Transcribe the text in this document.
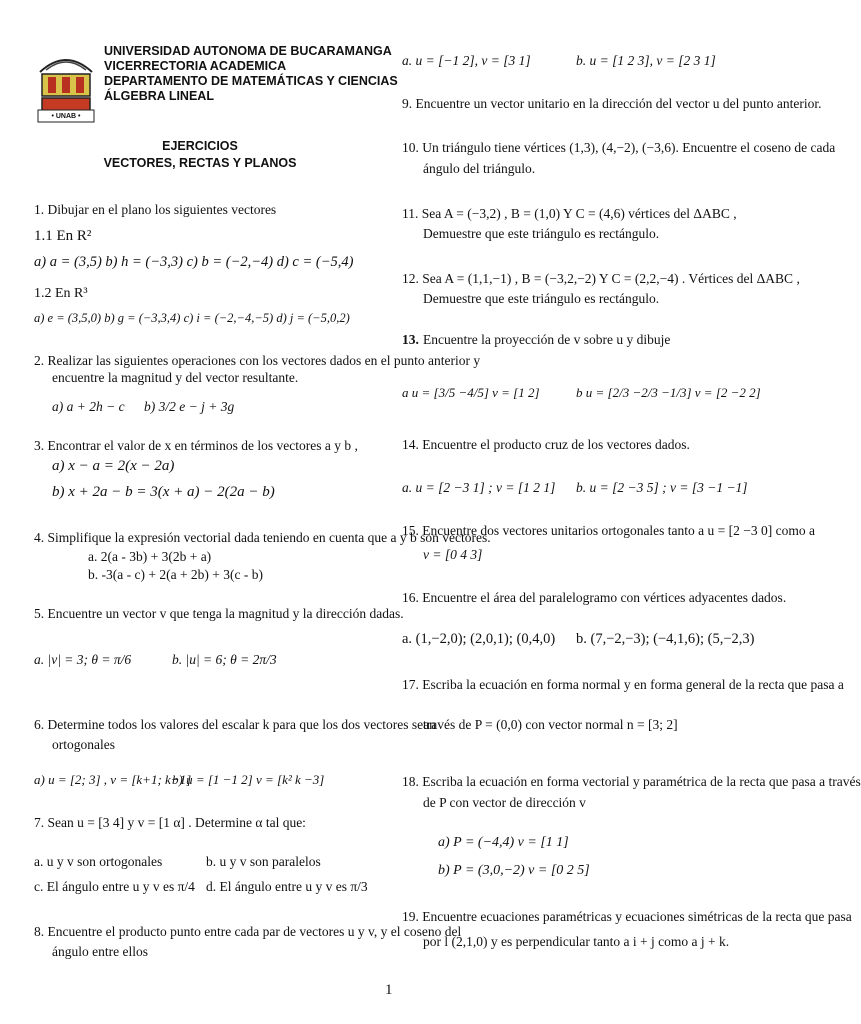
• UNAB •
UNIVERSIDAD AUTONOMA DE BUCARAMANGA
VICERRECTORIA ACADEMICA
DEPARTAMENTO DE MATEMÁTICAS Y CIENCIAS
ÁLGEBRA LINEAL
EJERCICIOS
VECTORES, RECTAS Y PLANOS
1. Dibujar en el plano los siguientes vectores
1.1 En R²
a) a = (3,5) b) h = (−3,3) c) b = (−2,−4) d) c = (−5,4)
1.2 En R³
a) e = (3,5,0) b) g = (−3,3,4) c) i = (−2,−4,−5) d) j = (−5,0,2)
2. Realizar las siguientes operaciones con los vectores dados en el punto anterior y
encuentre la magnitud y del vector resultante.
a) a + 2h − c b) 3/2 e − j + 3g
3. Encontrar el valor de x en términos de los vectores a y b ,
a) x − a = 2(x − 2a)
b) x + 2a − b = 3(x + a) − 2(2a − b)
4. Simplifique la expresión vectorial dada teniendo en cuenta que a y b son vectores.
a. 2(a - 3b) + 3(2b + a)
b. -3(a - c) + 2(a + 2b) + 3(c - b)
5. Encuentre un vector v que tenga la magnitud y la dirección dadas.
a. |v| = 3; θ = π/6	b. |u| = 6; θ = 2π/3
6. Determine todos los valores del escalar k para que los dos vectores sean
ortogonales
a) u = [2; 3] , v = [k+1; k−1]
b) u = [1 −1 2] v = [k² k −3]
7. Sean u = [3 4] y v = [1 α] . Determine α tal que:
a. u y v son ortogonales	b. u y v son paralelos
c. El ángulo entre u y v es π/4 d. El ángulo entre u y v es π/3
8. Encuentre el producto punto entre cada par de vectores u y v, y el coseno del
ángulo entre ellos
a. u = [−1 2], v = [3 1]	b. u = [1 2 3], v = [2 3 1]
9. Encuentre un vector unitario en la dirección del vector u del punto anterior.
10. Un triángulo tiene vértices (1,3), (4,−2), (−3,6). Encuentre el coseno de cada
ángulo del triángulo.
11. Sea A = (−3,2) , B = (1,0) Y C = (4,6) vértices del ΔABC ,
Demuestre que este triángulo es rectángulo.
12. Sea A = (1,1,−1) , B = (−3,2,−2) Y C = (2,2,−4) . Vértices del ΔABC ,
Demuestre que este triángulo es rectángulo.
13. Encuentre la proyección de v sobre u y dibuje
a u = [3/5 −4/5] v = [1 2]	b u = [2/3 −2/3 −1/3] v = [2 −2 2]
14. Encuentre el producto cruz de los vectores dados.
a. u = [2 −3 1] ; v = [1 2 1] b. u = [2 −3 5] ; v = [3 −1 −1]
15. Encuentre dos vectores unitarios ortogonales tanto a u = [2 −3 0] como a
v = [0 4 3]
16. Encuentre el área del paralelogramo con vértices adyacentes dados.
a. (1,−2,0); (2,0,1); (0,4,0) b. (7,−2,−3); (−4,1,6); (5,−2,3)
17. Escriba la ecuación en forma normal y en forma general de la recta que pasa a
través de P = (0,0) con vector normal n = [3; 2]
18. Escriba la ecuación en forma vectorial y paramétrica de la recta que pasa a través
de P con vector de dirección v
a) P = (−4,4) v = [1 1]
b) P = (3,0,−2) v = [0 2 5]
19. Encuentre ecuaciones paramétricas y ecuaciones simétricas de la recta que pasa
por l (2,1,0) y es perpendicular tanto a i + j como a j + k.
1
